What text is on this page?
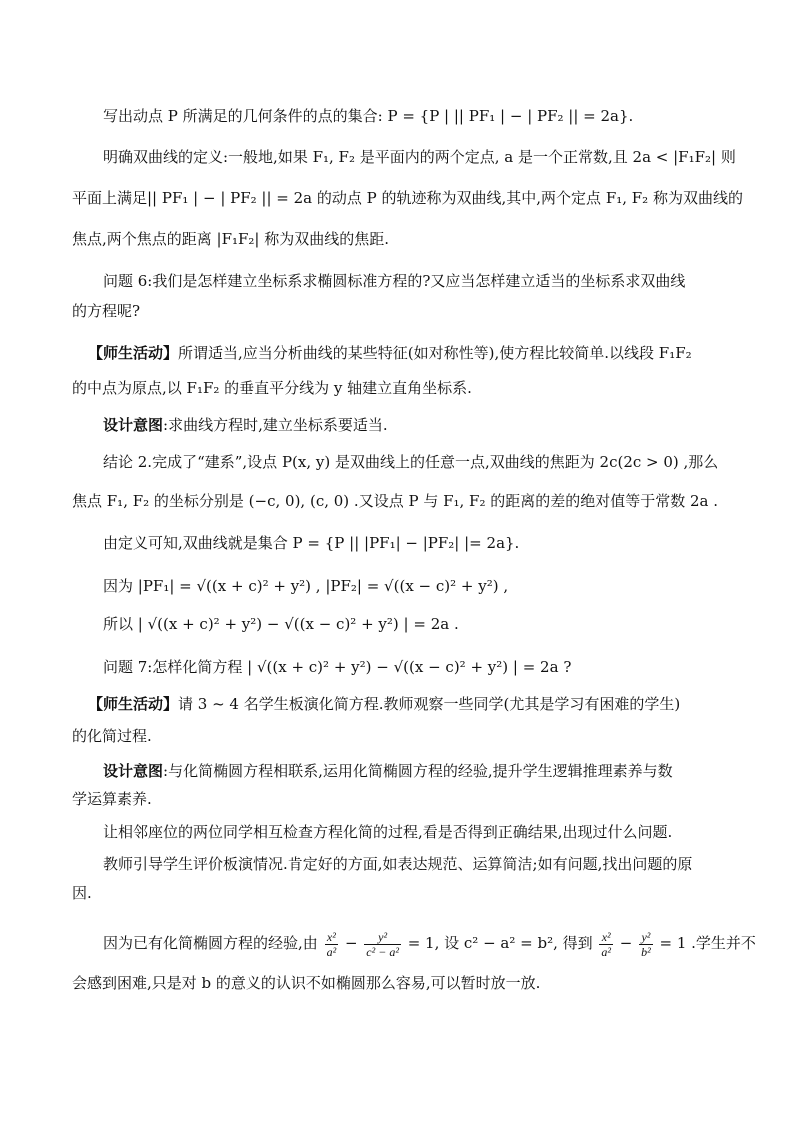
写出动点 P 所满足的几何条件的点的集合: P = {P | || PF₁ | − | PF₂ || = 2a}.
明确双曲线的定义:一般地,如果 F₁, F₂ 是平面内的两个定点, a 是一个正常数,且 2a < |F₁F₂| 则
平面上满足|| PF₁ | − | PF₂ || = 2a 的动点 P 的轨迹称为双曲线,其中,两个定点 F₁, F₂ 称为双曲线的
焦点,两个焦点的距离 |F₁F₂| 称为双曲线的焦距.
问题 6:我们是怎样建立坐标系求椭圆标准方程的?又应当怎样建立适当的坐标系求双曲线
的方程呢?
【师生活动】所谓适当,应当分析曲线的某些特征(如对称性等),使方程比较简单.以线段 F₁F₂
的中点为原点,以 F₁F₂ 的垂直平分线为 y 轴建立直角坐标系.
设计意图:求曲线方程时,建立坐标系要适当.
结论 2.完成了“建系”,设点 P(x, y) 是双曲线上的任意一点,双曲线的焦距为 2c(2c > 0) ,那么
焦点 F₁, F₂ 的坐标分别是 (−c, 0), (c, 0) .又设点 P 与 F₁, F₂ 的距离的差的绝对值等于常数 2a .
由定义可知,双曲线就是集合 P = {P || |PF₁| − |PF₂| |= 2a}.
因为 |PF₁| = √((x + c)² + y²) , |PF₂| = √((x − c)² + y²) ,
所以 | √((x + c)² + y²) − √((x − c)² + y²) | = 2a .
问题 7:怎样化简方程 | √((x + c)² + y²) − √((x − c)² + y²) | = 2a ?
【师生活动】请 3 ~ 4 名学生板演化简方程.教师观察一些同学(尤其是学习有困难的学生)
的化简过程.
设计意图:与化简椭圆方程相联系,运用化简椭圆方程的经验,提升学生逻辑推理素养与数
学运算素养.
让相邻座位的两位同学相互检查方程化简的过程,看是否得到正确结果,出现过什么问题.
教师引导学生评价板演情况.肯定好的方面,如表达规范、运算简洁;如有问题,找出问题的原
因.
因为已有化简椭圆方程的经验,由 $\frac{\text{x²}}{\text{a²}} - \frac{\text{y²}}{\text{c² − a²}} = 1$, 设 c² − a² = b², 得到 $\frac{\text{x²}}{\text{a²}} - \frac{\text{y²}}{\text{b²}} = 1$ .学生并不
会感到困难,只是对 b 的意义的认识不如椭圆那么容易,可以暂时放一放.
